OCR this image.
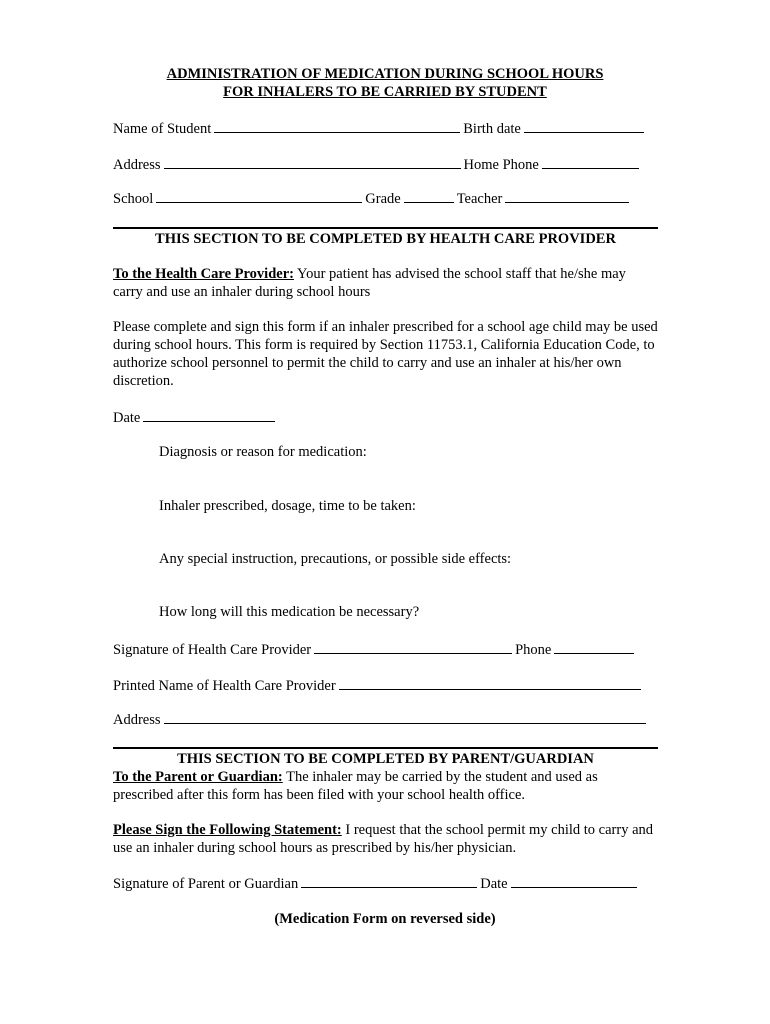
ADMINISTRATION OF MEDICATION DURING SCHOOL HOURS
FOR INHALERS TO BE CARRIED BY STUDENT
Name of Student	Birth date
Address	Home Phone
School	Grade	Teacher
THIS SECTION TO BE COMPLETED BY HEALTH CARE PROVIDER
To the Health Care Provider: Your patient has advised the school staff that he/she may carry and use an inhaler during school hours
Please complete and sign this form if an inhaler prescribed for a school age child may be used during school hours. This form is required by Section 11753.1, California Education Code, to authorize school personnel to permit the child to carry and use an inhaler at his/her own discretion.
Date
Diagnosis or reason for medication:
Inhaler prescribed, dosage, time to be taken:
Any special instruction, precautions, or possible side effects:
How long will this medication be necessary?
Signature of Health Care Provider	Phone
Printed Name of Health Care Provider
Address
THIS SECTION TO BE COMPLETED BY PARENT/GUARDIAN
To the Parent or Guardian: The inhaler may be carried by the student and used as prescribed after this form has been filed with your school health office.
Please Sign the Following Statement: I request that the school permit my child to carry and use an inhaler during school hours as prescribed by his/her physician.
Signature of Parent or Guardian	Date
(Medication Form on reversed side)
